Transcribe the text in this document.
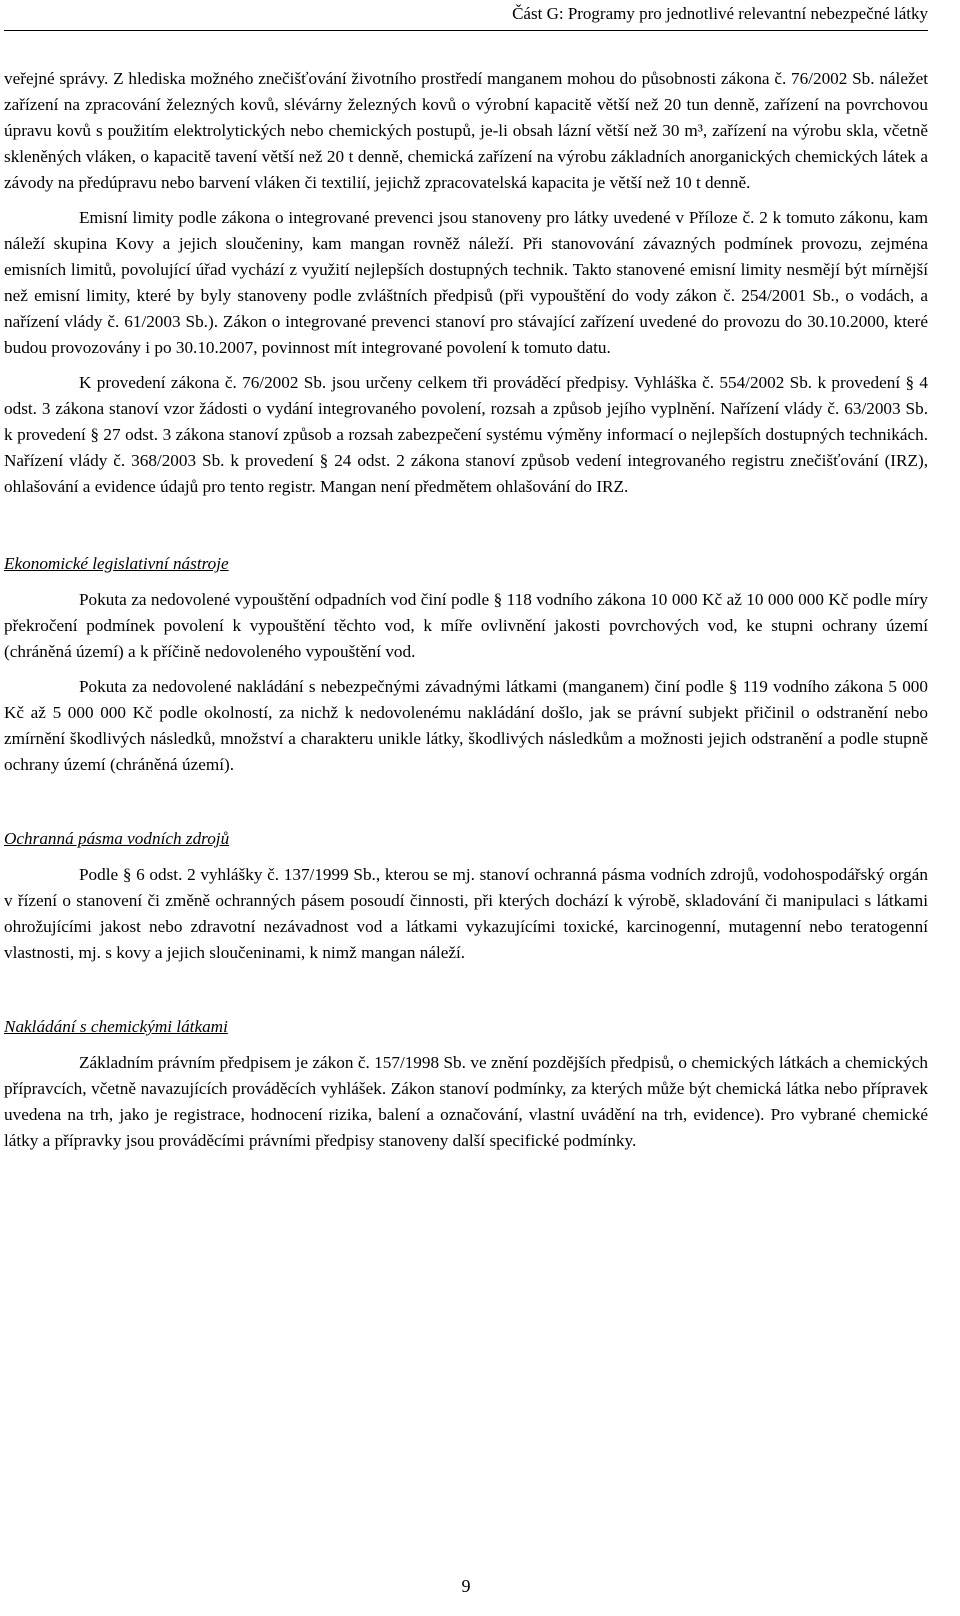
Část G: Programy pro jednotlivé relevantní nebezpečné látky

veřejné správy. Z hlediska možného znečišťování životního prostředí manganem mohou do působnosti zákona č. 76/2002 Sb. náležet zařízení na zpracování železných kovů, slévárny železných kovů o výrobní kapacitě větší než 20 tun denně, zařízení na povrchovou úpravu kovů s použitím elektrolytických nebo chemických postupů, je-li obsah lázní větší než 30 m³, zařízení na výrobu skla, včetně skleněných vláken, o kapacitě tavení větší než 20 t denně, chemická zařízení na výrobu základních anorganických chemických látek a závody na předúpravu nebo barvení vláken či textilií, jejichž zpracovatelská kapacita je větší než 10 t denně.

Emisní limity podle zákona o integrované prevenci jsou stanoveny pro látky uvedené v Příloze č. 2 k tomuto zákonu, kam náleží skupina Kovy a jejich sloučeniny, kam mangan rovněž náleží. Při stanovování závazných podmínek provozu, zejména emisních limitů, povolující úřad vychází z využití nejlepších dostupných technik. Takto stanovené emisní limity nesmějí být mírnější než emisní limity, které by byly stanoveny podle zvláštních předpisů (při vypouštění do vody zákon č. 254/2001 Sb., o vodách, a nařízení vlády č. 61/2003 Sb.). Zákon o integrované prevenci stanoví pro stávající zařízení uvedené do provozu do 30.10.2000, které budou provozovány i po 30.10.2007, povinnost mít integrované povolení k tomuto datu.

K provedení zákona č. 76/2002 Sb. jsou určeny celkem tři prováděcí předpisy. Vyhláška č. 554/2002 Sb. k provedení § 4 odst. 3 zákona stanoví vzor žádosti o vydání integrovaného povolení, rozsah a způsob jejího vyplnění. Nařízení vlády č. 63/2003 Sb. k provedení § 27 odst. 3 zákona stanoví způsob a rozsah zabezpečení systému výměny informací o nejlepších dostupných technikách. Nařízení vlády č. 368/2003 Sb. k provedení § 24 odst. 2 zákona stanoví způsob vedení integrovaného registru znečišťování (IRZ), ohlašování a evidence údajů pro tento registr. Mangan není předmětem ohlašování do IRZ.

Ekonomické legislativní nástroje

Pokuta za nedovolené vypouštění odpadních vod činí podle § 118 vodního zákona 10 000 Kč až 10 000 000 Kč podle míry překročení podmínek povolení k vypouštění těchto vod, k míře ovlivnění jakosti povrchových vod, ke stupni ochrany území (chráněná území) a k příčině nedovoleného vypouštění vod.

Pokuta za nedovolené nakládání s nebezpečnými závadnými látkami (manganem) činí podle § 119 vodního zákona 5 000 Kč až 5 000 000 Kč podle okolností, za nichž k nedovolenému nakládání došlo, jak se právní subjekt přičinil o odstranění nebo zmírnění škodlivých následků, množství a charakteru unikle látky, škodlivých následkům a možnosti jejich odstranění a podle stupně ochrany území (chráněná území).

Ochranná pásma vodních zdrojů

Podle § 6 odst. 2 vyhlášky č. 137/1999 Sb., kterou se mj. stanoví ochranná pásma vodních zdrojů, vodohospodářský orgán v řízení o stanovení či změně ochranných pásem posoudí činnosti, při kterých dochází k výrobě, skladování či manipulaci s látkami ohrožujícími jakost nebo zdravotní nezávadnost vod a látkami vykazujícími toxické, karcinogenní, mutagenní nebo teratogenní vlastnosti, mj. s kovy a jejich sloučeninami, k nimž mangan náleží.

Nakládání s chemickými látkami

Základním právním předpisem je zákon č. 157/1998 Sb. ve znění pozdějších předpisů, o chemických látkách a chemických přípravcích, včetně navazujících prováděcích vyhlášek. Zákon stanoví podmínky, za kterých může být chemická látka nebo přípravek uvedena na trh, jako je registrace, hodnocení rizika, balení a označování, vlastní uvádění na trh, evidence). Pro vybrané chemické látky a přípravky jsou prováděcími právními předpisy stanoveny další specifické podmínky.

9
